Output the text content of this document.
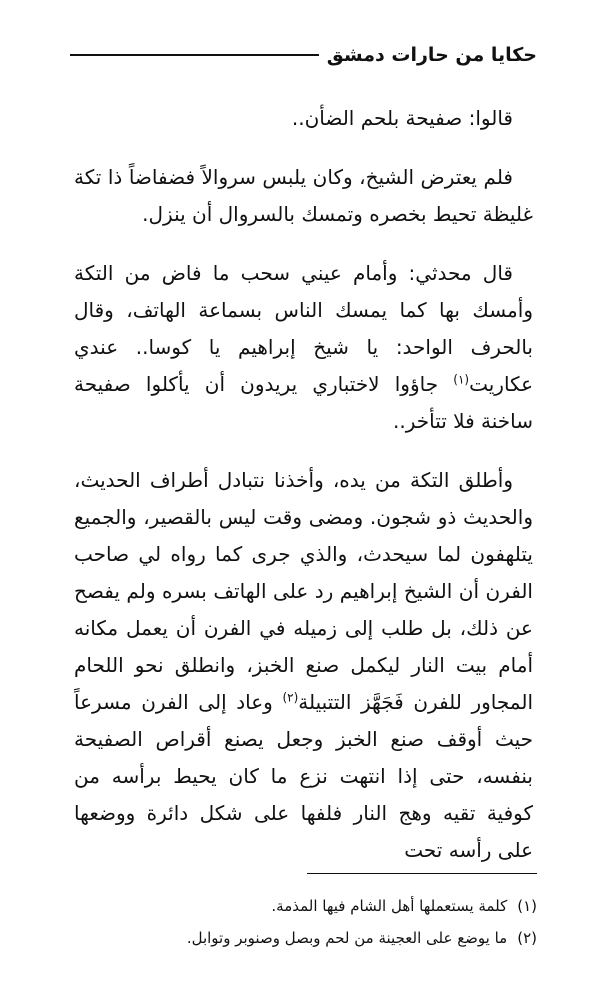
حكايا من حارات دمشق

قالوا: صفيحة بلحم الضأن..

فلم يعترض الشيخ، وكان يلبس سروالاً فضفاضاً ذا تكة غليظة تحيط بخصره وتمسك بالسروال أن ينزل.

قال محدثي: وأمام عيني سحب ما فاض من التكة وأمسك بها كما يمسك الناس بسماعة الهاتف، وقال بالحرف الواحد: يا شيخ إبراهيم يا كوسا.. عندي عكاريت$^{(١)}$ جاؤوا لاختباري يريدون أن يأكلوا صفيحة ساخنة فلا تتأخر..

وأطلق التكة من يده، وأخذنا نتبادل أطراف الحديث، والحديث ذو شجون. ومضى وقت ليس بالقصير، والجميع يتلهفون لما سيحدث، والذي جرى كما رواه لي صاحب الفرن أن الشيخ إبراهيم رد على الهاتف بسره ولم يفصح عن ذلك، بل طلب إلى زميله في الفرن أن يعمل مكانه أمام بيت النار ليكمل صنع الخبز، وانطلق نحو اللحام المجاور للفرن فَجَهَّز التتبيلة$^{(٢)}$ وعاد إلى الفرن مسرعاً حيث أوقف صنع الخبز وجعل يصنع أقراص الصفيحة بنفسه، حتى إذا انتهت نزع ما كان يحيط برأسه من كوفية تقيه وهج النار فلفها على شكل دائرة ووضعها على رأسه تحت

(١)كلمة يستعملها أهل الشام فيها المذمة.
(٢)ما يوضع على العجينة من لحم وبصل وصنوبر وتوابل.
